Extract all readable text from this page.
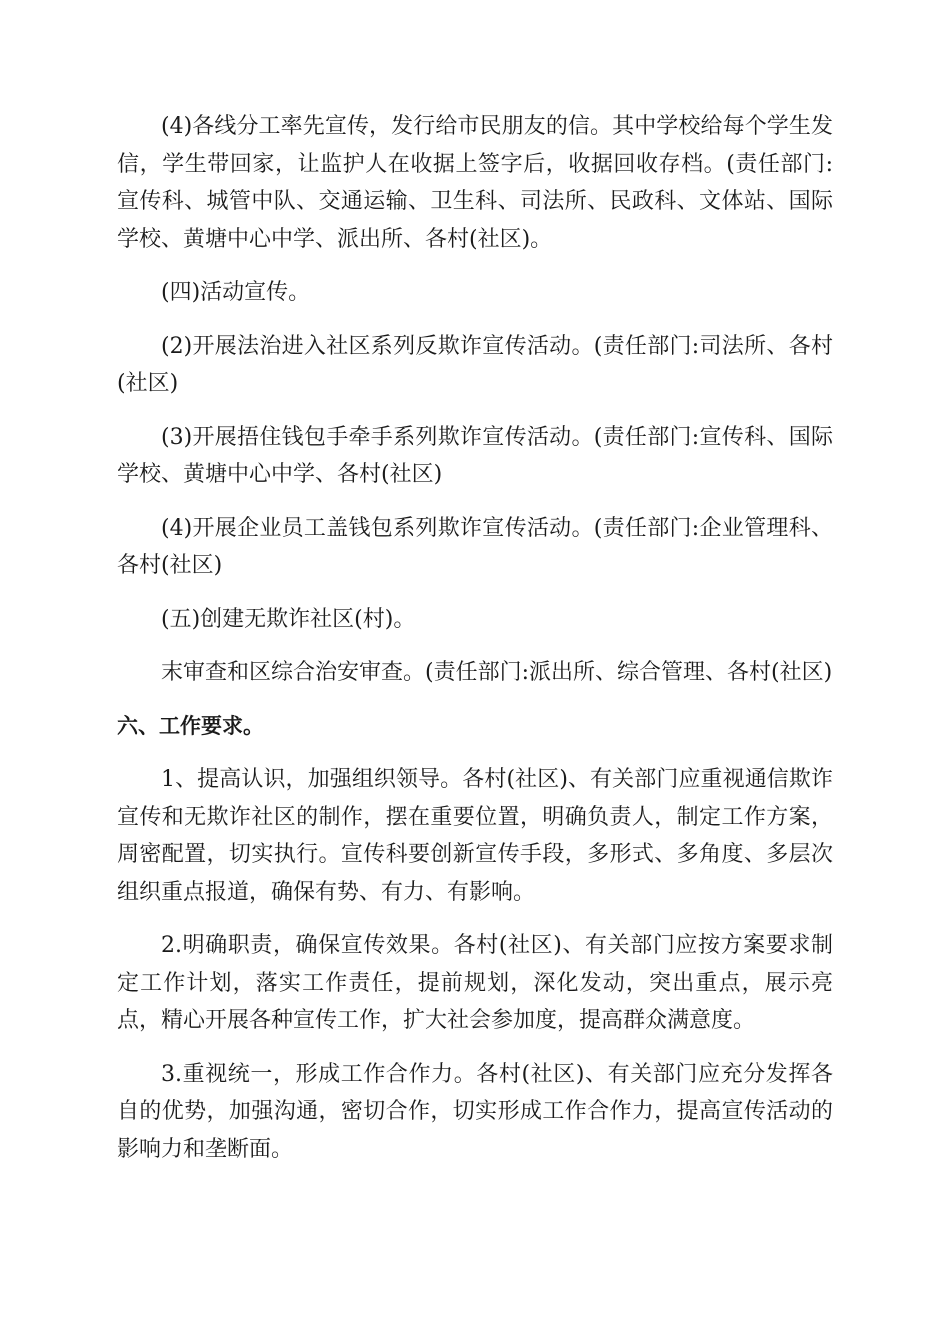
(4)各线分工率先宣传，发行给市民朋友的信。其中学校给每个学生发信，学生带回家，让监护人在收据上签字后，收据回收存档。(责任部门:宣传科、城管中队、交通运输、卫生科、司法所、民政科、文体站、国际学校、黄塘中心中学、派出所、各村(社区)。

(四)活动宣传。

(2)开展法治进入社区系列反欺诈宣传活动。(责任部门:司法所、各村(社区)

(3)开展捂住钱包手牵手系列欺诈宣传活动。(责任部门:宣传科、国际学校、黄塘中心中学、各村(社区)

(4)开展企业员工盖钱包系列欺诈宣传活动。(责任部门:企业管理科、各村(社区)

(五)创建无欺诈社区(村)。

末审查和区综合治安审查。(责任部门:派出所、综合管理、各村(社区)

六、工作要求。

1、提高认识，加强组织领导。各村(社区)、有关部门应重视通信欺诈宣传和无欺诈社区的制作，摆在重要位置，明确负责人，制定工作方案，周密配置，切实执行。宣传科要创新宣传手段，多形式、多角度、多层次组织重点报道，确保有势、有力、有影响。

2.明确职责，确保宣传效果。各村(社区)、有关部门应按方案要求制定工作计划，落实工作责任，提前规划，深化发动，突出重点，展示亮点，精心开展各种宣传工作，扩大社会参加度，提高群众满意度。

3.重视统一，形成工作合作力。各村(社区)、有关部门应充分发挥各自的优势，加强沟通，密切合作，切实形成工作合作力，提高宣传活动的影响力和垄断面。
